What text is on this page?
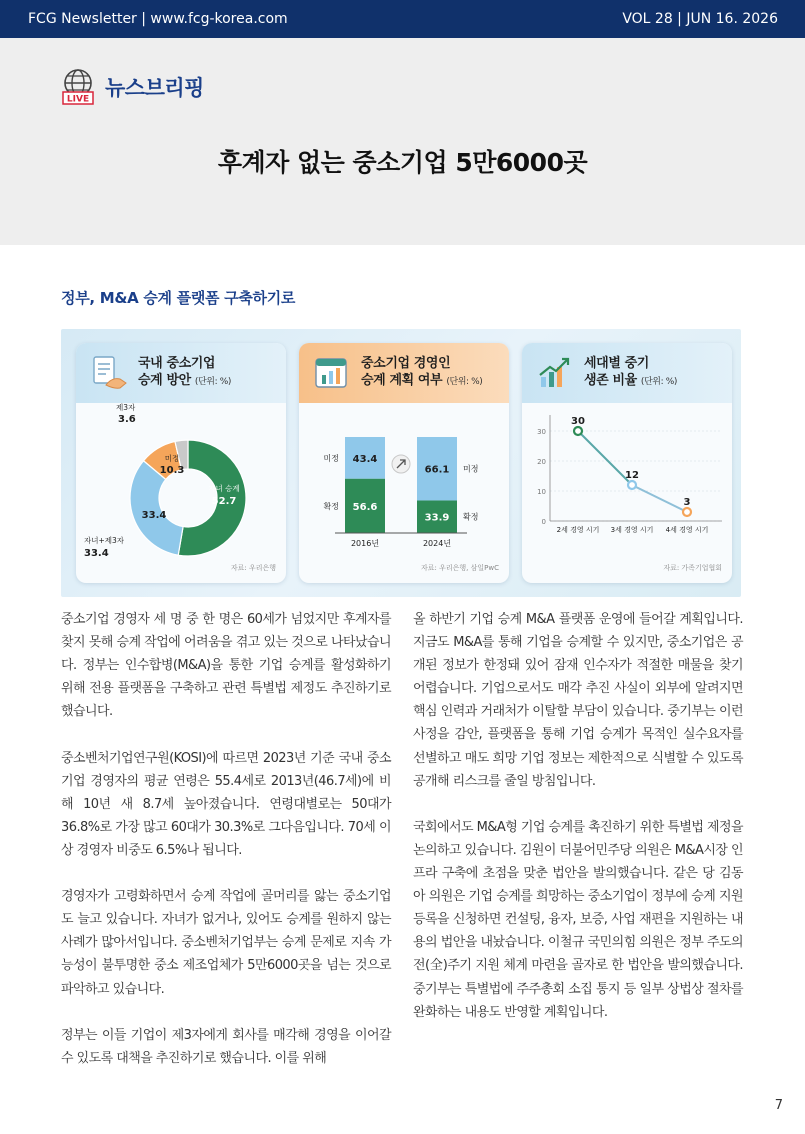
FCG Newsletter | www.fcg-korea.com	VOL 28 | JUN 16. 2026
LIVE 뉴스브리핑
후계자 없는 중소기업 5만6000곳
정부, M&A 승계 플랫폼 구축하기로
국내 중소기업
승계 방안 (단위: %)
자녀 승계
52.7
33.4
자녀+제3자
33.4
미정
10.3
제3자
3.6
자료: 우리은행
중소기업 경영인
승계 계획 여부 (단위: %)
56.6
43.4
2016년
33.9
66.1
2024년
미정
확정
미정
확정
자료: 우리은행, 삼일PwC
세대별 중기
생존 비율 (단위: %)
0
10
20
30
30
2세 경영 시기
12
3세 경영 시기
3
4세 경영 시기
자료: 가족기업협회

중소기업 경영자 세 명 중 한 명은 60세가 넘었지만 후계자를 찾지 못해 승계 작업에 어려움을 겪고 있는 것으로 나타났습니다. 정부는 인수합병(M&A)을 통한 기업 승계를 활성화하기 위해 전용 플랫폼을 구축하고 관련 특별법 제정도 추진하기로 했습니다.

중소벤처기업연구원(KOSI)에 따르면 2023년 기준 국내 중소기업 경영자의 평균 연령은 55.4세로 2013년(46.7세)에 비해 10년 새 8.7세 높아졌습니다. 연령대별로는 50대가 36.8%로 가장 많고 60대가 30.3%로 그다음입니다. 70세 이상 경영자 비중도 6.5%나 됩니다.

경영자가 고령화하면서 승계 작업에 골머리를 앓는 중소기업도 늘고 있습니다. 자녀가 없거나, 있어도 승계를 원하지 않는 사례가 많아서입니다. 중소벤처기업부는 승계 문제로 지속 가능성이 불투명한 중소 제조업체가 5만6000곳을 넘는 것으로 파악하고 있습니다.

정부는 이들 기업이 제3자에게 회사를 매각해 경영을 이어갈 수 있도록 대책을 추진하기로 했습니다. 이를 위해

올 하반기 기업 승계 M&A 플랫폼 운영에 들어갈 계획입니다. 지금도 M&A를 통해 기업을 승계할 수 있지만, 중소기업은 공개된 정보가 한정돼 있어 잠재 인수자가 적절한 매물을 찾기 어렵습니다. 기업으로서도 매각 추진 사실이 외부에 알려지면 핵심 인력과 거래처가 이탈할 부담이 있습니다. 중기부는 이런 사정을 감안, 플랫폼을 통해 기업 승계가 목적인 실수요자를 선별하고 매도 희망 기업 정보는 제한적으로 식별할 수 있도록 공개해 리스크를 줄일 방침입니다.

국회에서도 M&A형 기업 승계를 촉진하기 위한 특별법 제정을 논의하고 있습니다. 김원이 더불어민주당 의원은 M&A시장 인프라 구축에 초점을 맞춘 법안을 발의했습니다. 같은 당 김동아 의원은 기업 승계를 희망하는 중소기업이 정부에 승계 지원 등록을 신청하면 컨설팅, 융자, 보증, 사업 재편을 지원하는 내용의 법안을 내놨습니다. 이철규 국민의힘 의원은 정부 주도의 전(全)주기 지원 체계 마련을 골자로 한 법안을 발의했습니다. 중기부는 특별법에 주주총회 소집 통지 등 일부 상법상 절차를 완화하는 내용도 반영할 계획입니다.

7
